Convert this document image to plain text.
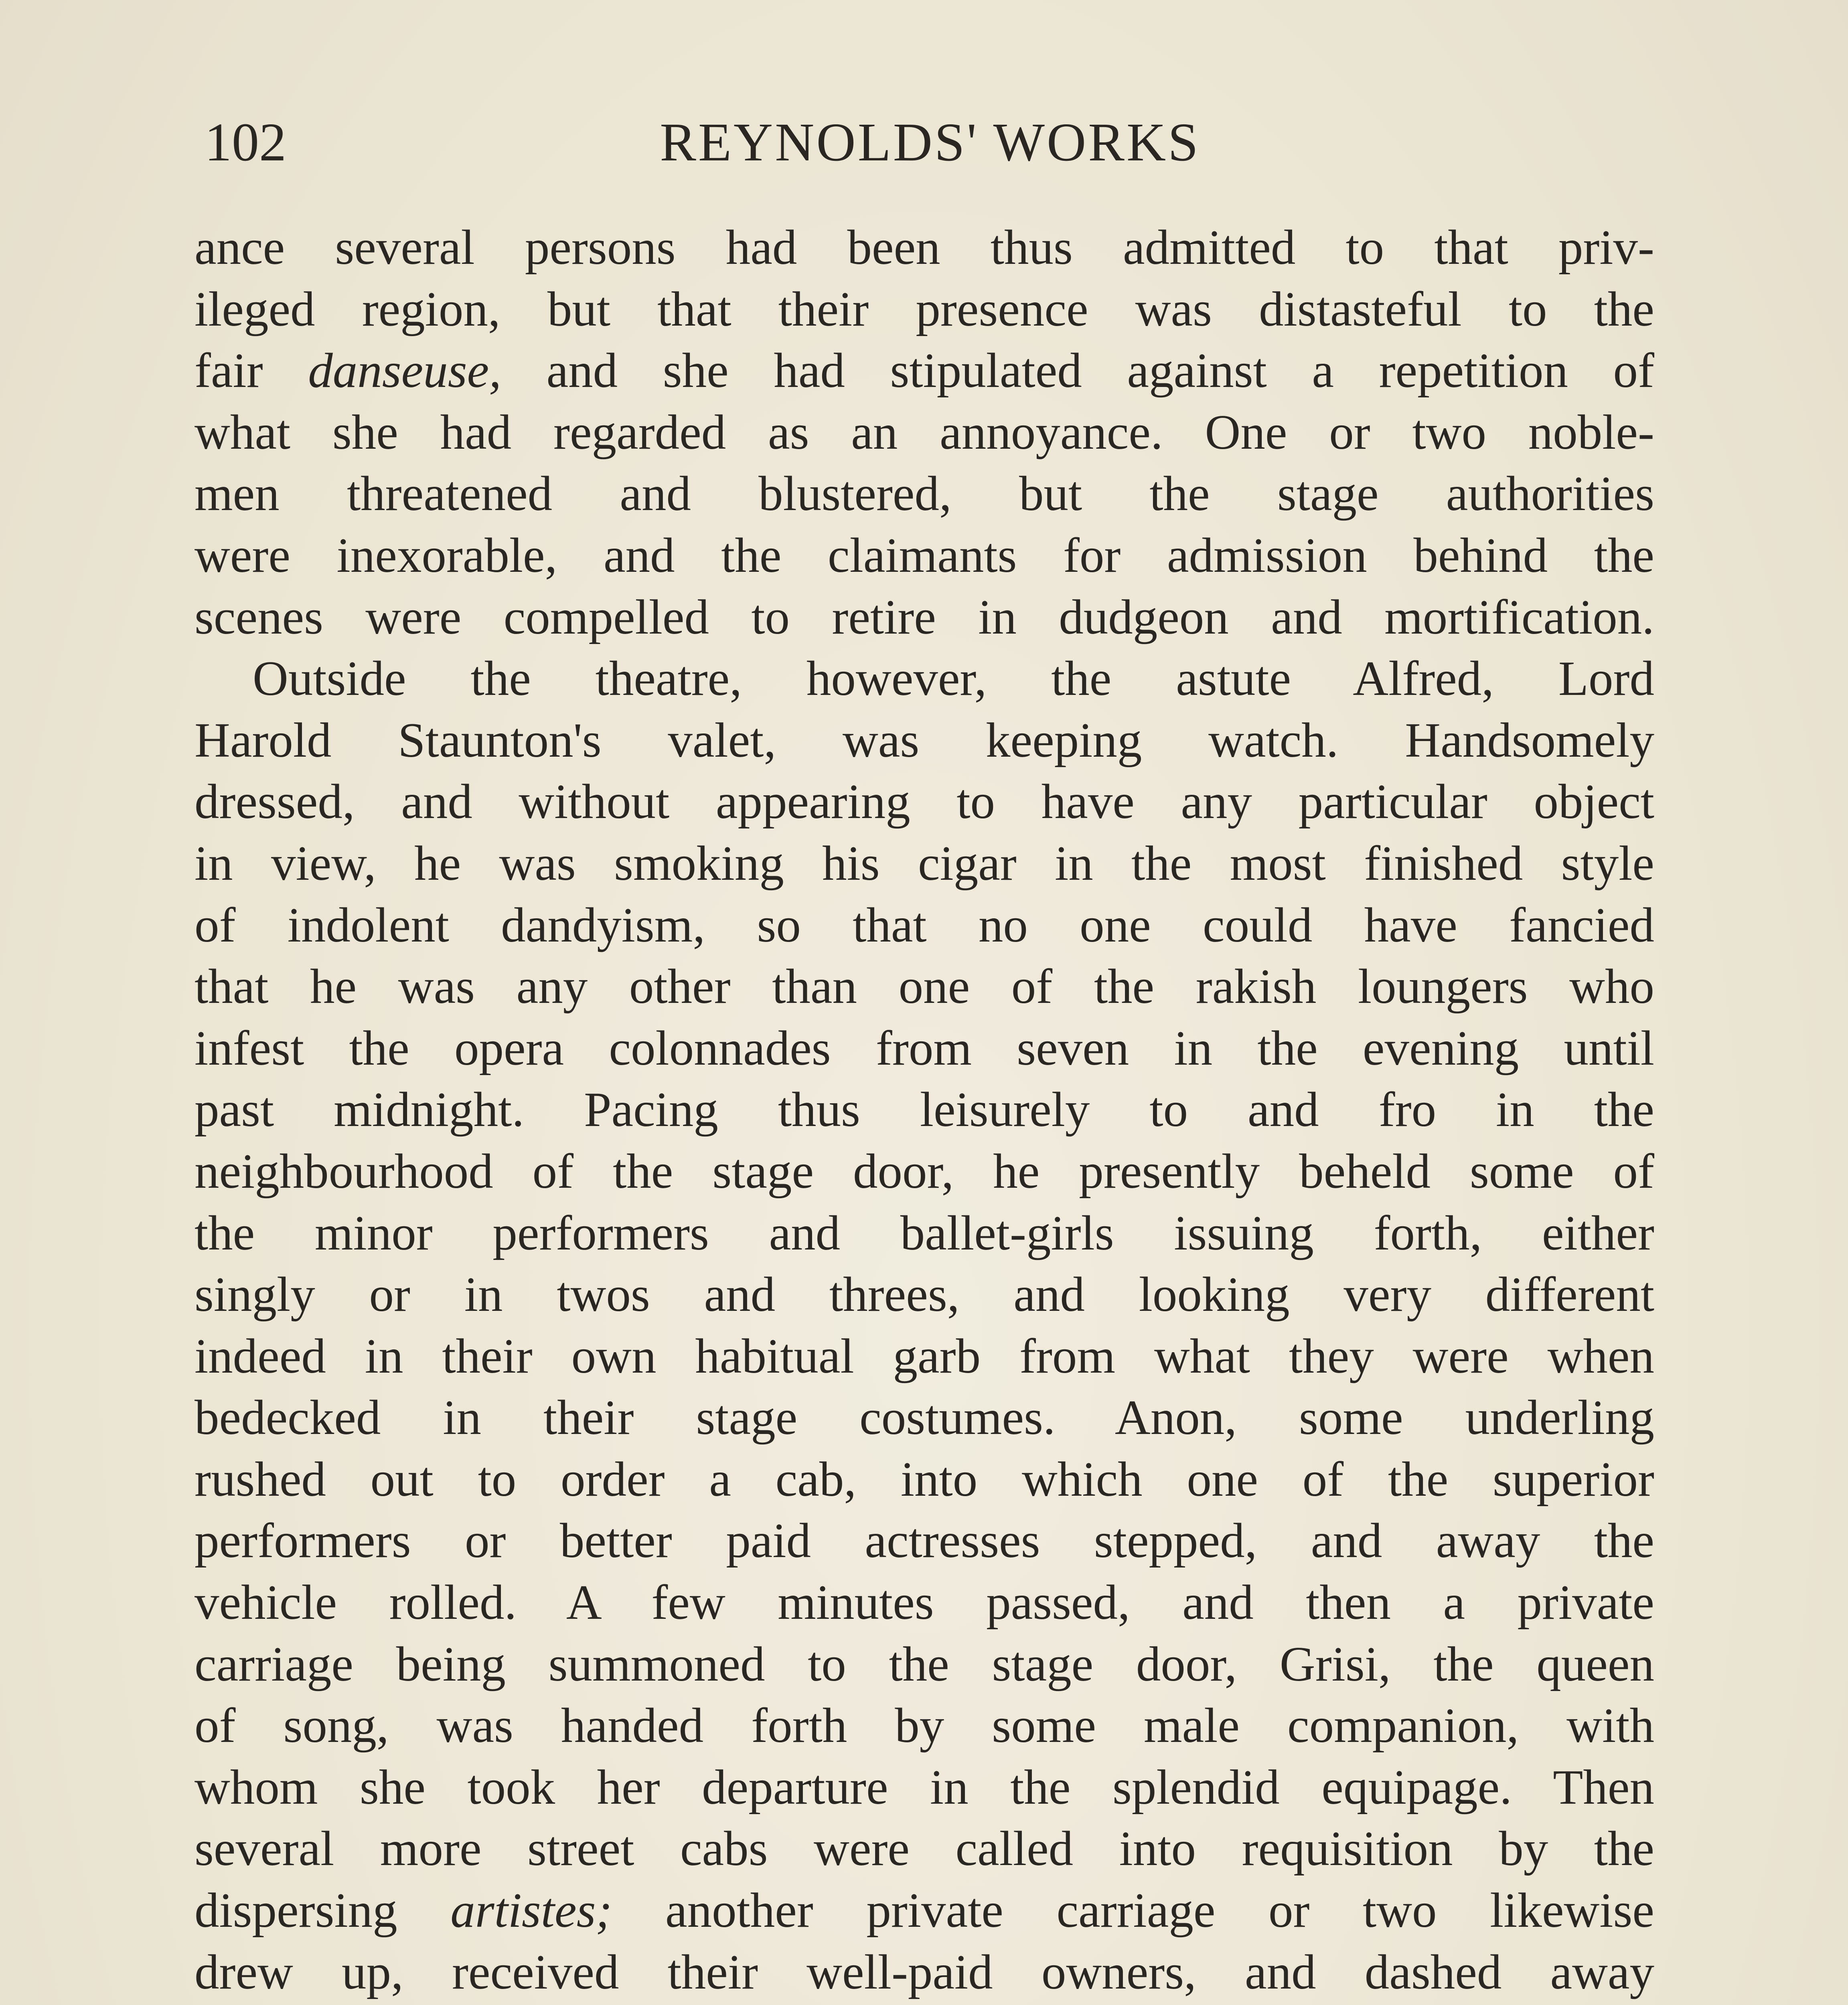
102	REYNOLDS' WORKS

ance several persons had been thus admitted to that priv-
ileged region, but that their presence was distasteful to the
fair danseuse, and she had stipulated against a repetition of
what she had regarded as an annoyance. One or two noble-
men threatened and blustered, but the stage authorities
were inexorable, and the claimants for admission behind the
scenes were compelled to retire in dudgeon and mortification.

Outside the theatre, however, the astute Alfred, Lord
Harold Staunton's valet, was keeping watch. Handsomely
dressed, and without appearing to have any particular object
in view, he was smoking his cigar in the most finished style
of indolent dandyism, so that no one could have fancied
that he was any other than one of the rakish loungers who
infest the opera colonnades from seven in the evening until
past midnight. Pacing thus leisurely to and fro in the
neighbourhood of the stage door, he presently beheld some of
the minor performers and ballet-girls issuing forth, either
singly or in twos and threes, and looking very different
indeed in their own habitual garb from what they were when
bedecked in their stage costumes. Anon, some underling
rushed out to order a cab, into which one of the superior
performers or better paid actresses stepped, and away the
vehicle rolled. A few minutes passed, and then a private
carriage being summoned to the stage door, Grisi, the queen
of song, was handed forth by some male companion, with
whom she took her departure in the splendid equipage. Then
several more street cabs were called into requisition by the
dispersing artistes; another private carriage or two likewise
drew up, received their well-paid owners, and dashed away
